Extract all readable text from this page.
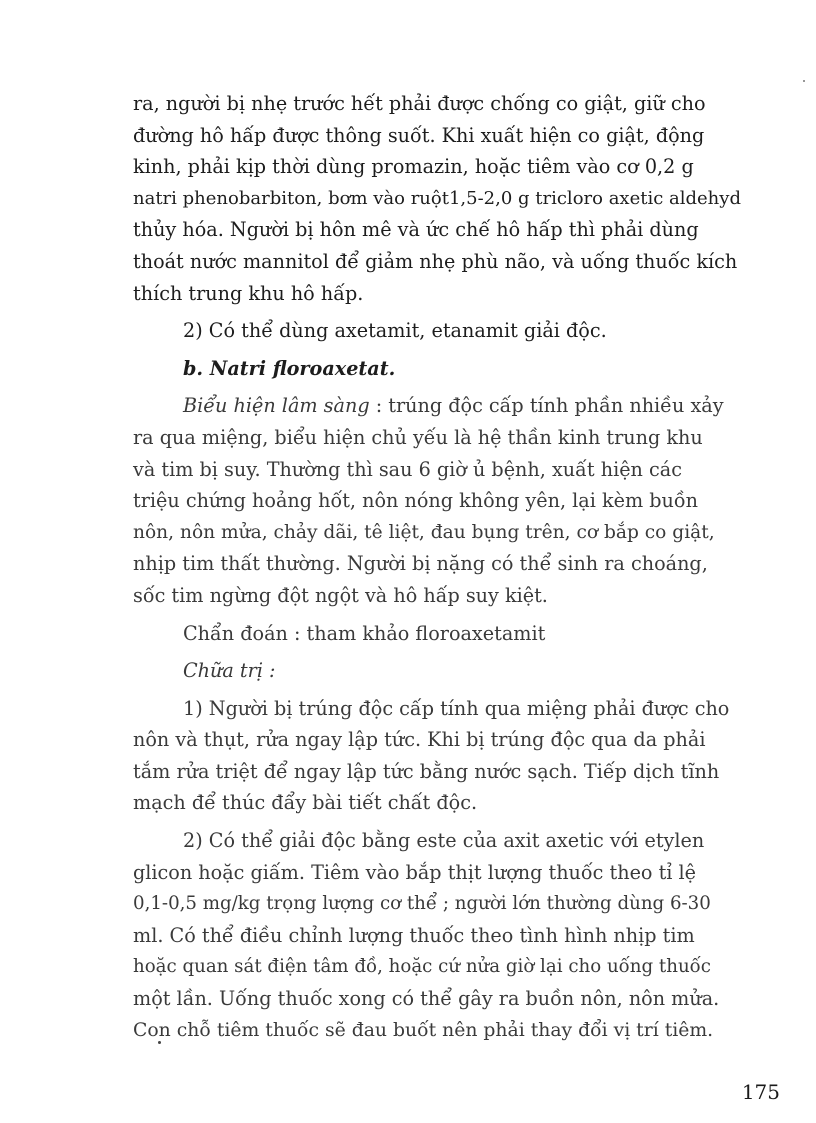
ra, người bị nhẹ trước hết phải được chống co giật, giữ cho
đường hô hấp được thông suốt. Khi xuất hiện co giật, động
kinh, phải kịp thời dùng promazin, hoặc tiêm vào cơ 0,2 g
natri phenobarbiton, bơm vào ruột1,5-2,0 g tricloro axetic aldehyd
thủy hóa. Người bị hôn mê và ức chế hô hấp thì phải dùng
thoát nước mannitol để giảm nhẹ phù não, và uống thuốc kích
thích trung khu hô hấp.

2) Có thể dùng axetamit, etanamit giải độc.

b. Natri floroaxetat.

Biểu hiện lâm sàng : trúng độc cấp tính phần nhiều xảy
ra qua miệng, biểu hiện chủ yếu là hệ thần kinh trung khu
và tim bị suy. Thường thì sau 6 giờ ủ bệnh, xuất hiện các
triệu chứng hoảng hốt, nôn nóng không yên, lại kèm buồn
nôn, nôn mửa, chảy dãi, tê liệt, đau bụng trên, cơ bắp co giật,
nhịp tim thất thường. Người bị nặng có thể sinh ra choáng,
sốc tim ngừng đột ngột và hô hấp suy kiệt.

Chẩn đoán : tham khảo floroaxetamit

Chữa trị :

1) Người bị trúng độc cấp tính qua miệng phải được cho
nôn và thụt, rửa ngay lập tức. Khi bị trúng độc qua da phải
tắm rửa triệt để ngay lập tức bằng nước sạch. Tiếp dịch tĩnh
mạch để thúc đẩy bài tiết chất độc.

2) Có thể giải độc bằng este của axit axetic với etylen
glicon hoặc giấm. Tiêm vào bắp thịt lượng thuốc theo tỉ lệ
0,1-0,5 mg/kg trọng lượng cơ thể ; người lớn thường dùng 6-30
ml. Có thể điều chỉnh lượng thuốc theo tình hình nhịp tim
hoặc quan sát điện tâm đồ, hoặc cứ nửa giờ lại cho uống thuốc
một lần. Uống thuốc xong có thể gây ra buồn nôn, nôn mửa.
Con chỗ tiêm thuốc sẽ đau buốt nên phải thay đổi vị trí tiêm.

175
